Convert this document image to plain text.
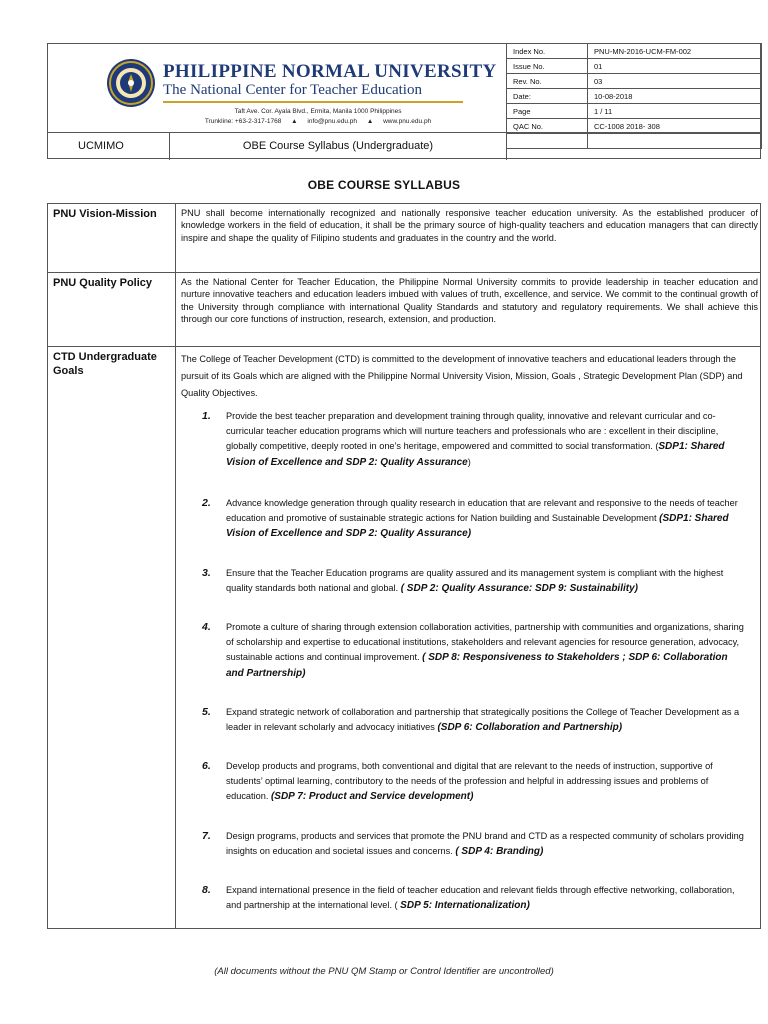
PHILIPPINE NORMAL UNIVERSITY
The National Center for Teacher Education
Taft Ave. Cor. Ayala Blvd., Ermita, Manila 1000 Philippines
Trunkline: +63-2-317-1768 ▲ info@pnu.edu.ph ▲ www.pnu.edu.ph
Index No.	PNU-MN-2016-UCM-FM-002
Issue No.	01
Rev. No.	03
Date:	10-08-2018
Page	1 / 11
QAC No.	CC-1008 2018- 308

UCMIMO	OBE Course Syllabus (Undergraduate)
OBE COURSE SYLLABUS
PNU Vision-Mission	PNU shall become internationally recognized and nationally responsive teacher education university. As the established producer of knowledge workers in the field of education, it shall be the primary source of high-quality teachers and education managers that can directly inspire and shape the quality of Filipino students and graduates in the country and the world.
PNU Quality Policy	As the National Center for Teacher Education, the Philippine Normal University commits to provide leadership in teacher education and nurture innovative teachers and education leaders imbued with values of truth, excellence, and service. We commit to the continual growth of the University through compliance with international Quality Standards and statutory and regulatory requirements. We shall achieve this through our core functions of instruction, research, extension, and production.
CTD Undergraduate Goals
The College of Teacher Development (CTD) is committed to the development of innovative teachers and educational leaders through the pursuit of its Goals which are aligned with the Philippine Normal University Vision, Mission, Goals , Strategic Development Plan (SDP) and Quality Objectives.
1. Provide the best teacher preparation and development training through quality, innovative and relevant curricular and co-curricular teacher education programs which will nurture teachers and professionals who are : excellent in their discipline, globally competitive, deeply rooted in one’s heritage, empowered and committed to social transformation. (SDP1: Shared Vision of Excellence and SDP 2: Quality Assurance)
2. Advance knowledge generation through quality research in education that are relevant and responsive to the needs of teacher education and promotive of sustainable strategic actions for Nation building and Sustainable Development (SDP1: Shared Vision of Excellence and SDP 2: Quality Assurance)
3. Ensure that the Teacher Education programs are quality assured and its management system is compliant with the highest quality standards both national and global. ( SDP 2: Quality Assurance: SDP 9: Sustainability)
4. Promote a culture of sharing through extension collaboration activities, partnership with communities and organizations, sharing of scholarship and expertise to educational institutions, stakeholders and relevant agencies for resource generation, advocacy, sustainable actions and continual improvement. ( SDP 8: Responsiveness to Stakeholders ; SDP 6: Collaboration and Partnership)
5. Expand strategic network of collaboration and partnership that strategically positions the College of Teacher Development as a leader in relevant scholarly and advocacy initiatives (SDP 6: Collaboration and Partnership)
6. Develop products and programs, both conventional and digital that are relevant to the needs of instruction, supportive of students’ optimal learning, contributory to the needs of the profession and helpful in addressing issues and problems of education. (SDP 7: Product and Service development)
7. Design programs, products and services that promote the PNU brand and CTD as a respected community of scholars providing insights on education and societal issues and concerns. ( SDP 4: Branding)
8. Expand international presence in the field of teacher education and relevant fields through effective networking, collaboration, and partnership at the international level. ( SDP 5: Internationalization)
(All documents without the PNU QM Stamp or Control Identifier are uncontrolled)
